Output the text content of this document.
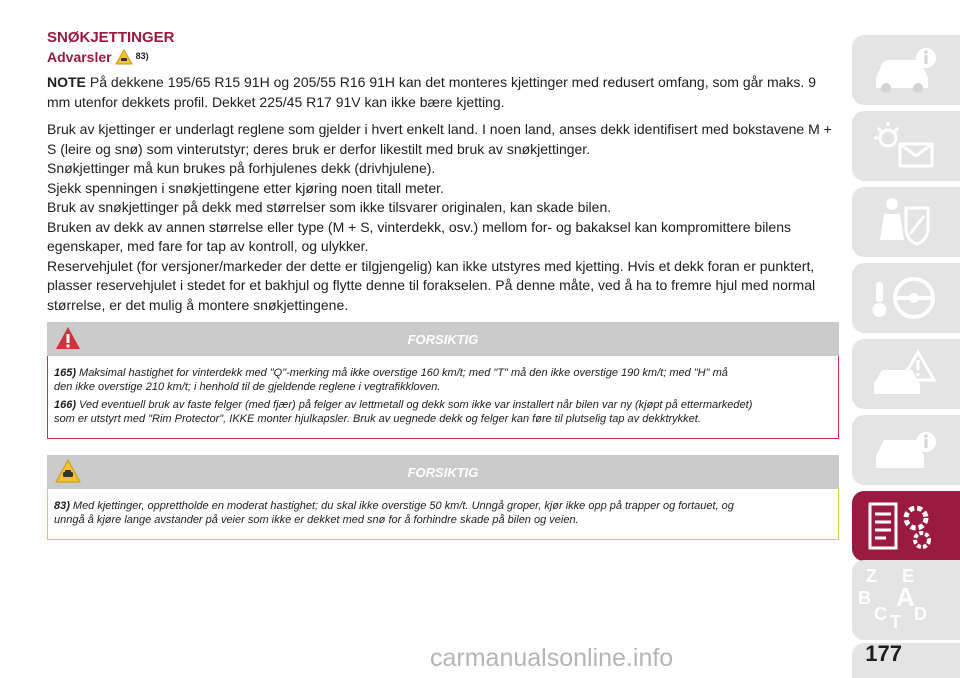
SNØKJETTINGER
Advarsler	83)

NOTE På dekkene 195/65 R15 91H og 205/55 R16 91H kan det monteres kjettinger med redusert omfang, som går maks. 9
mm utenfor dekkets profil. Dekket 225/45 R17 91V kan ikke bære kjetting.

Bruk av kjettinger er underlagt reglene som gjelder i hvert enkelt land. I noen land, anses dekk identifisert med bokstavene M +
S (leire og snø) som vinterutstyr; deres bruk er derfor likestilt med bruk av snøkjettinger.
Snøkjettinger må kun brukes på forhjulenes dekk (drivhjulene).
Sjekk spenningen i snøkjettingene etter kjøring noen titall meter.
Bruk av snøkjettinger på dekk med størrelser som ikke tilsvarer originalen, kan skade bilen.
Bruken av dekk av annen størrelse eller type (M + S, vinterdekk, osv.) mellom for- og bakaksel kan kompromittere bilens
egenskaper, med fare for tap av kontroll, og ulykker.
Reservehjulet (for versjoner/markeder der dette er tilgjengelig) kan ikke utstyres med kjetting. Hvis et dekk foran er punktert,
plasser reservehjulet i stedet for et bakhjul og flytte denne til forakselen. På denne måte, ved å ha to fremre hjul med normal
størrelse, er det mulig å montere snøkjettingene.

FORSIKTIG

165) Maksimal hastighet for vinterdekk med "Q"-merking må ikke overstige 160 km/t; med "T" må den ikke overstige 190 km/t; med "H" må
den ikke overstige 210 km/t; i henhold til de gjeldende reglene i vegtrafikkloven.

166) Ved eventuell bruk av faste felger (med fjær) på felger av lettmetall og dekk som ikke var installert når bilen var ny (kjøpt på ettermarkedet)
som er utstyrt med "Rim Protector", IKKE monter hjulkapsler. Bruk av uegnede dekk og felger kan føre til plutselig tap av dekktrykket.

FORSIKTIG

83) Med kjettinger, opprettholde en moderat hastighet; du skal ikke overstige 50 km/t. Unngå groper, kjør ikke opp på trapper og fortauet, og
unngå å kjøre lange avstander på veier som ikke er dekket med snø for å forhindre skade på bilen og veien.

Z E
B A
C T D
177
carmanualsonline.info
